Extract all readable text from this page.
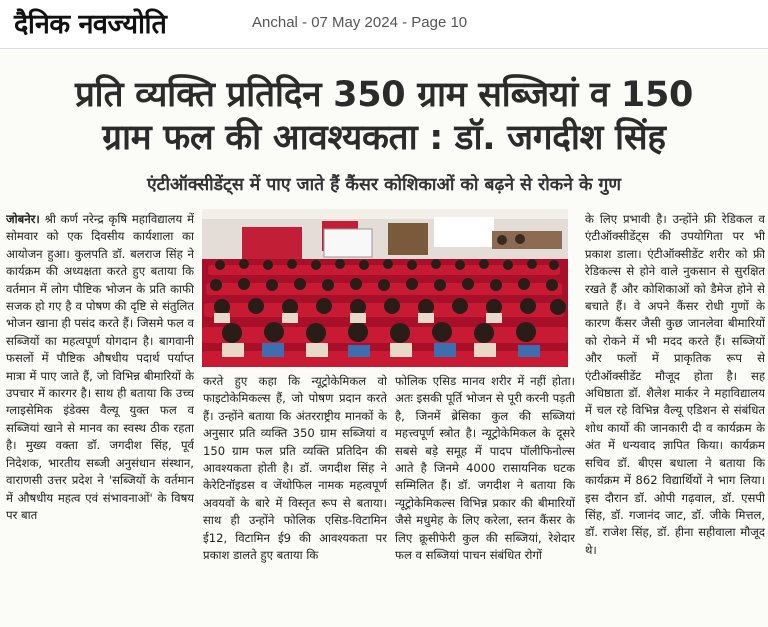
दैनिक नवज्योति	Anchal - 07 May 2024 - Page 10
प्रति व्यक्ति प्रतिदिन 350 ग्राम सब्जियां व 150
ग्राम फल की आवश्यकता : डॉ. जगदीश सिंह
एंटीऑक्सीडेंट्स में पाए जाते हैं कैंसर कोशिकाओं को बढ़ने से रोकने के गुण
जोबनेर। श्री कर्ण नरेन्द्र कृषि महाविद्यालय में सोमवार को एक दिवसीय कार्यशाला का आयोजन हुआ। कुलपति डॉ. बलराज सिंह ने कार्यक्रम की अध्यक्षता करते हुए बताया कि वर्तमान में लोग पौष्टिक भोजन के प्रति काफी सजक हो गए है व पोषण की दृष्टि से संतुलित भोजन खाना ही पसंद करते हैं। जिसमे फल व सब्जियों का महत्वपूर्ण योगदान है। बागवानी फसलों में पौष्टिक औषधीय पदार्थ पर्याप्त मात्रा में पाए जाते हैं, जो विभिन्न बीमारियों के उपचार में कारगर है। साथ ही बताया कि उच्च ग्लाइसेमिक इंडेक्स वैल्यू युक्त फल व सब्जियां खाने से मानव का स्वस्थ ठीक रहता है। मुख्य वक्ता डॉ. जगदीश सिंह, पूर्व निदेशक, भारतीय सब्जी अनुसंधान संस्थान, वाराणसी उत्तर प्रदेश ने 'सब्जियों के वर्तमान में औषधीय महत्व एवं संभावनाओं' के विषय पर बात
करते हुए कहा कि न्यूट्रोकेमिकल वो फाइटोकेमिकल्स हैं, जो पोषण प्रदान करते हैं। उन्होंने बताया कि अंतरराष्ट्रीय मानकों के अनुसार प्रति व्यक्ति 350 ग्राम सब्जियां व 150 ग्राम फल प्रति व्यक्ति प्रतिदिन की आवश्यकता होती है। डॉ. जगदीश सिंह ने केरेटिनॉइडस व जेंथोफिल नामक महत्वपूर्ण अवयवों के बारे में विस्तृत रूप से बताया। साथ ही उन्होंने फोलिक एसिड-विटामिन ई12, विटामिन ई9 की आवश्यकता पर प्रकाश डालते हुए बताया कि
फोलिक एसिड मानव शरीर में नहीं होता। अतः इसकी पूर्ति भोजन से पूरी करनी पड़ती है, जिनमें ब्रेसिका कुल की सब्जियां महत्त्वपूर्ण स्त्रोत है। न्यूट्रोकेमिकल के दूसरे सबसे बड़े समूह में पादप पॉलीफिनोल्स आते है जिनमे 4000 रासायनिक घटक सम्मिलित हैं। डॉ. जगदीश ने बताया कि न्यूट्रोकेमिकल्स विभिन्न प्रकार की बीमारियों जैसे मधुमेह के लिए करेला, स्तन कैंसर के लिए क्रूसीफेरी कुल की सब्जियां, रेशेदार फल व सब्जियां पाचन संबंधित रोगों
के लिए प्रभावी है। उन्होंने फ्री रेडिकल व एंटीऑक्सीडेंट्स की उपयोगिता पर भी प्रकाश डाला। एंटीऑक्सीडेंट शरीर को फ्री रेडिकल्स से होने वाले नुकसान से सुरक्षित रखते हैं और कोशिकाओं को डैमेज होने से बचाते हैं। वे अपने कैंसर रोधी गुणों के कारण कैंसर जैसी कुछ जानलेवा बीमारियों को रोकने में भी मदद करते हैं। सब्जियों और फलों में प्राकृतिक रूप से एंटीऑक्सीडेंट मौजूद होता है। सह अधिष्ठाता डॉ. शैलेश मार्कर ने महाविद्यालय में चल रहे विभिन्न वैल्यू एडिशन से संबंधित शोध कार्यो की जानकारी दी व कार्यक्रम के अंत में धन्यवाद ज्ञापित किया। कार्यक्रम सचिव डॉ. बीएस बधाला ने बताया कि कार्यक्रम में 862 विद्यार्थियों ने भाग लिया। इस दौरान डॉ. ओपी गढ़वाल, डॉ. एसपी सिंह, डॉ. गजानंद जाट, डॉ. जीके मित्तल, डॉ. राजेश सिंह, डॉ. हीना सहीवाला मौजूद थे।
